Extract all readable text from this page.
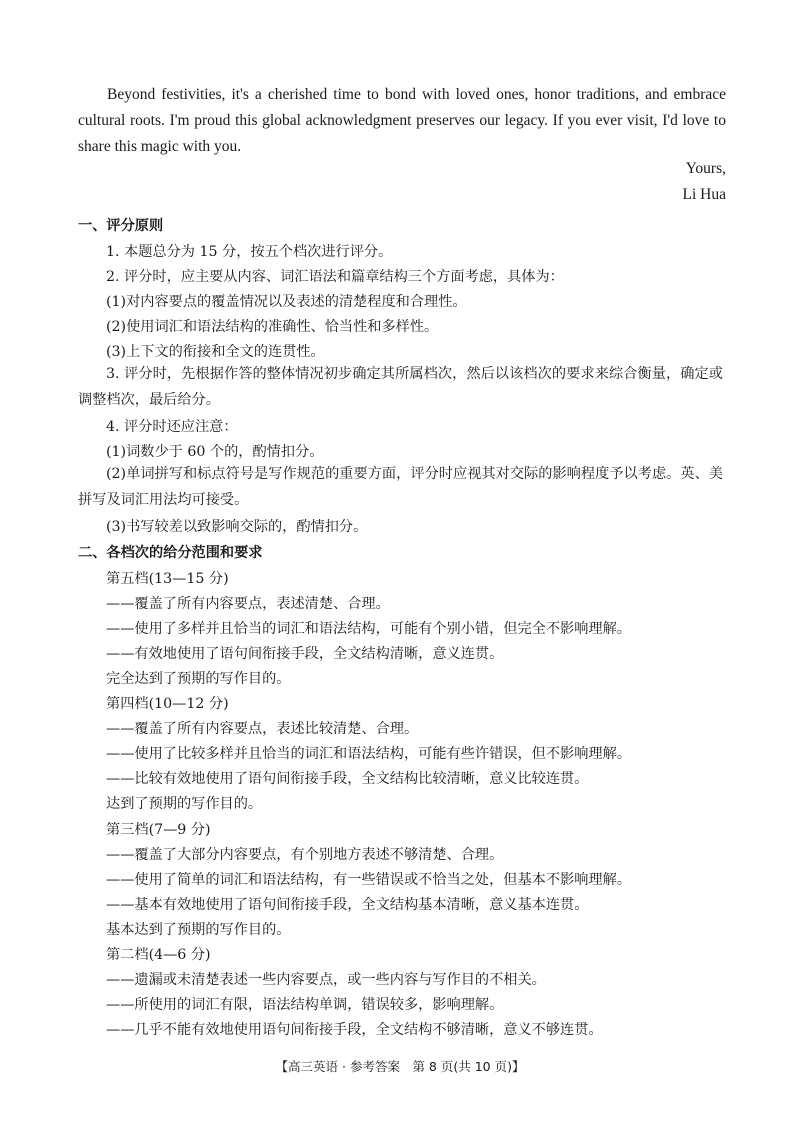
Beyond festivities, it's a cherished time to bond with loved ones, honor traditions, and embrace cultural roots. I'm proud this global acknowledgment preserves our legacy. If you ever visit, I'd love to share this magic with you.

Yours,
Li Hua
一、评分原则
1. 本题总分为 15 分，按五个档次进行评分。
2. 评分时，应主要从内容、词汇语法和篇章结构三个方面考虑，具体为：
(1)对内容要点的覆盖情况以及表述的清楚程度和合理性。
(2)使用词汇和语法结构的准确性、恰当性和多样性。
(3)上下文的衔接和全文的连贯性。
3. 评分时，先根据作答的整体情况初步确定其所属档次，然后以该档次的要求来综合衡量，确定或调整档次，最后给分。
4. 评分时还应注意：
(1)词数少于 60 个的，酌情扣分。
(2)单词拼写和标点符号是写作规范的重要方面，评分时应视其对交际的影响程度予以考虑。英、美拼写及词汇用法均可接受。
(3)书写较差以致影响交际的，酌情扣分。
二、各档次的给分范围和要求
第五档(13—15 分)
——覆盖了所有内容要点，表述清楚、合理。
——使用了多样并且恰当的词汇和语法结构，可能有个别小错，但完全不影响理解。
——有效地使用了语句间衔接手段，全文结构清晰，意义连贯。
完全达到了预期的写作目的。
第四档(10—12 分)
——覆盖了所有内容要点，表述比较清楚、合理。
——使用了比较多样并且恰当的词汇和语法结构，可能有些许错误，但不影响理解。
——比较有效地使用了语句间衔接手段，全文结构比较清晰，意义比较连贯。
达到了预期的写作目的。
第三档(7—9 分)
——覆盖了大部分内容要点，有个别地方表述不够清楚、合理。
——使用了简单的词汇和语法结构，有一些错误或不恰当之处，但基本不影响理解。
——基本有效地使用了语句间衔接手段，全文结构基本清晰，意义基本连贯。
基本达到了预期的写作目的。
第二档(4—6 分)
——遗漏或未清楚表述一些内容要点，或一些内容与写作目的不相关。
——所使用的词汇有限，语法结构单调，错误较多，影响理解。
——几乎不能有效地使用语句间衔接手段，全文结构不够清晰，意义不够连贯。

【高三英语 · 参考答案　第 8 页(共 10 页)】
